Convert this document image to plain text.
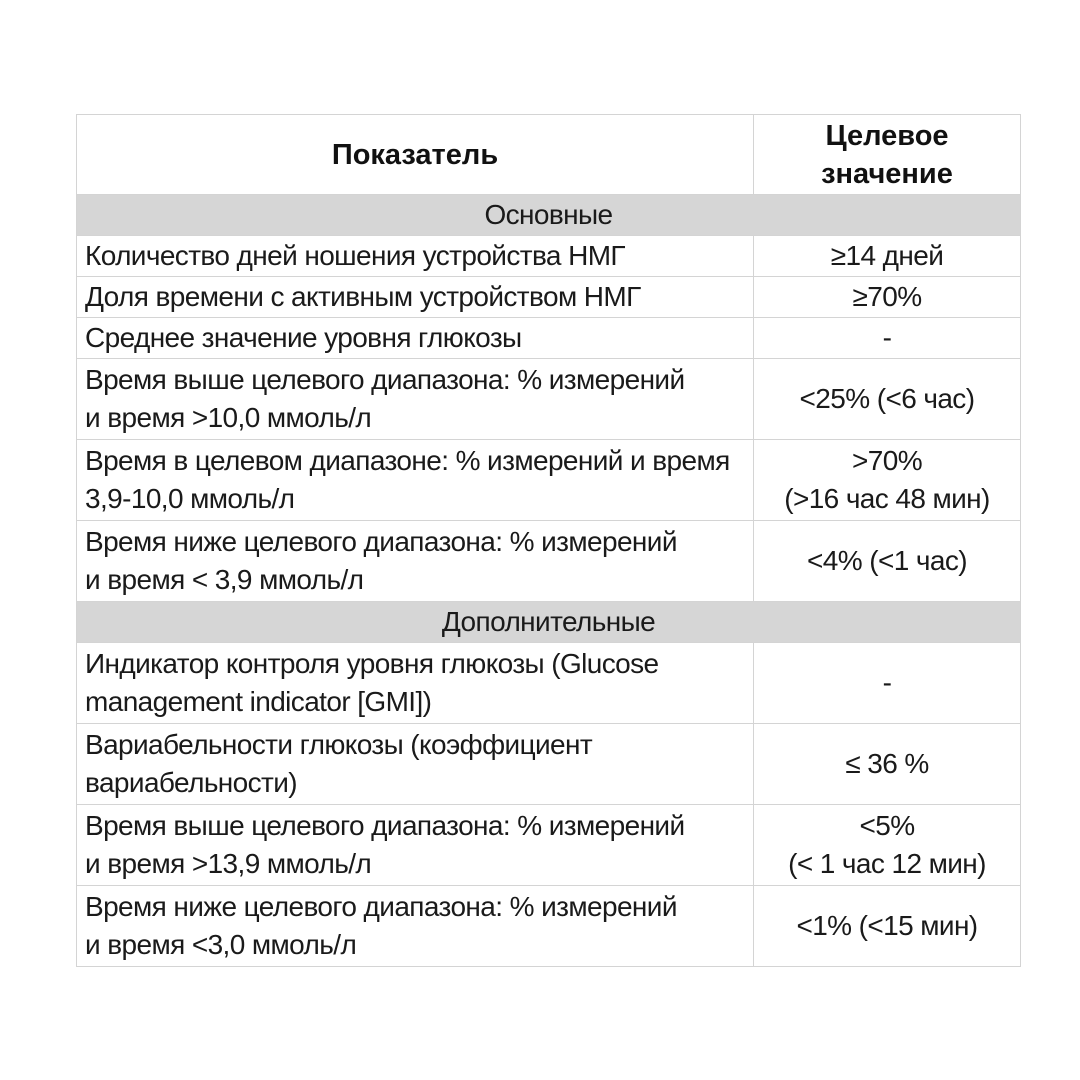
Показатель	Целевое
значение

Основные	

Количество дней ношения устройства НМГ	≥14 дней

Доля времени с активным устройством НМГ	≥70%

Среднее значение уровня глюкозы	-

Время выше целевого диапазона: % измерений
и время >10,0 ммоль/л	<25% (<6 час)

Время в целевом диапазоне: % измерений и время
3,9-10,0 ммоль/л	>70%
(>16 час 48 мин)

Время ниже целевого диапазона: % измерений
и время < 3,9 ммоль/л	<4% (<1 час)

Дополнительные	

Индикатор контроля уровня глюкозы (Glucose
management indicator [GMI])	-

Вариабельности глюкозы (коэффициент
вариабельности)	≤ 36 %

Время выше целевого диапазона: % измерений
и время >13,9 ммоль/л	<5%
(< 1 час 12 мин)

Время ниже целевого диапазона: % измерений
и время <3,0 ммоль/л	<1% (<15 мин)
